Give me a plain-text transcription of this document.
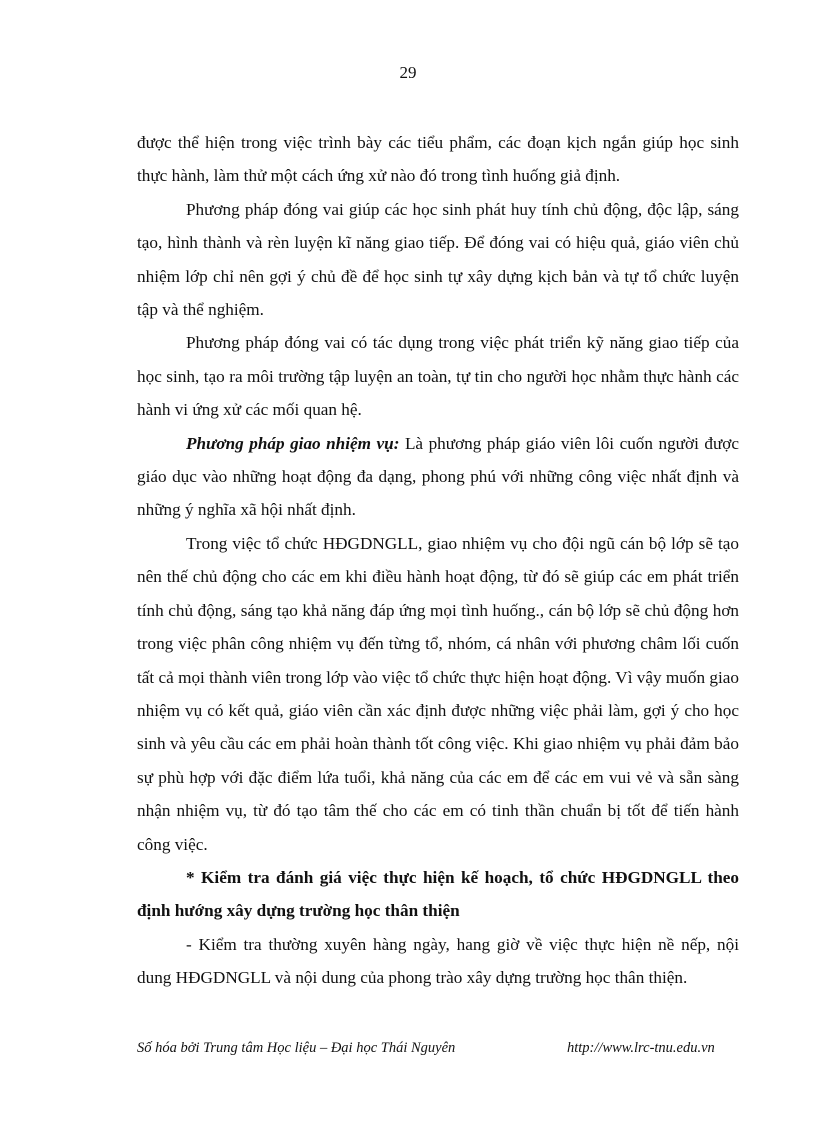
29

được thể hiện trong việc trình bày các tiểu phẩm, các đoạn kịch ngắn giúp học sinh thực hành, làm thử một cách ứng xử nào đó trong tình huống giả định.

Phương pháp đóng vai giúp các học sinh phát huy tính chủ động, độc lập, sáng tạo, hình thành và rèn luyện kĩ năng giao tiếp. Để đóng vai có hiệu quả, giáo viên chủ nhiệm lớp chỉ nên gợi ý chủ đề để học sinh tự xây dựng kịch bản và tự tổ chức luyện tập và thể nghiệm.

Phương pháp đóng vai có tác dụng trong việc phát triển kỹ năng giao tiếp của học sinh, tạo ra môi trường tập luyện an toàn, tự tin cho người học nhằm thực hành các hành vi ứng xử các mối quan hệ.

Phương pháp giao nhiệm vụ: Là phương pháp giáo viên lôi cuốn người được giáo dục vào những hoạt động đa dạng, phong phú với những công việc nhất định và những ý nghĩa xã hội nhất định.

Trong việc tổ chức HĐGDNGLL, giao nhiệm vụ cho đội ngũ cán bộ lớp sẽ tạo nên thế chủ động cho các em khi điều hành hoạt động, từ đó sẽ giúp các em phát triển tính chủ động, sáng tạo khả năng đáp ứng mọi tình huống., cán bộ lớp sẽ chủ động hơn trong việc phân công nhiệm vụ đến từng tổ, nhóm, cá nhân với phương châm lối cuốn tất cả mọi thành viên trong lớp vào việc tổ chức thực hiện hoạt động. Vì vậy muốn giao nhiệm vụ có kết quả, giáo viên cần xác định được những việc phải làm, gợi ý cho học sinh và yêu cầu các em phải hoàn thành tốt công việc. Khi giao nhiệm vụ phải đảm bảo sự phù hợp với đặc điểm lứa tuổi, khả năng của các em để các em vui vẻ và sẵn sàng nhận nhiệm vụ, từ đó tạo tâm thế cho các em có tinh thần chuẩn bị tốt để tiến hành công việc.

* Kiểm tra đánh giá việc thực hiện kế hoạch, tổ chức HĐGDNGLL theo định hướng xây dựng trường học thân thiện

- Kiểm tra thường xuyên hàng ngày, hang giờ về việc thực hiện nề nếp, nội dung HĐGDNGLL và nội dung của phong trào xây dựng trường học thân thiện.

Số hóa bởi Trung tâm Học liệu – Đại học Thái Nguyên	http://www.lrc-tnu.edu.vn
